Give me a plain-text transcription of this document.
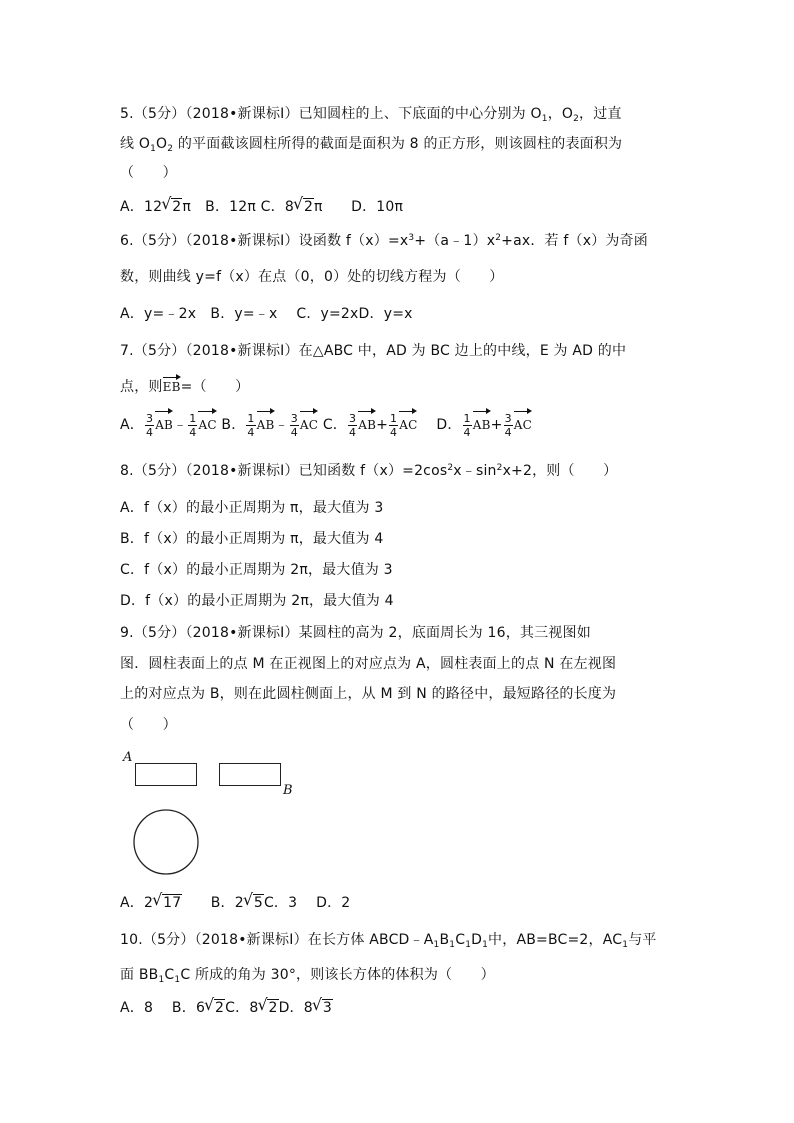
5.（5分）（2018•新课标Ⅰ）已知圆柱的上、下底面的中心分别为 $O_1$，$O_2$，过直
线 $O_1O_2$ 的平面截该圆柱所得的截面是面积为 8 的正方形，则该圆柱的表面积为
（　　）
A．12 √ 2π　 B．12π C．8 √ 2π　　 D．10π
6.（5分）（2018•新课标Ⅰ）设函数 $f(x)=x^3+(a﹣1)x^2+ax$．若 f（x）为奇函
数，则曲线 y=f（x）在点（0，0）处的切线方程为（　　）
A．y=﹣2x　B．y=﹣x　 C．y=2xD．y=x
7.（5分）（2018•新课标Ⅰ）在△ABC 中，AD 为 BC 边上的中线，E 为 AD 的中
点，则EB=（　　）
A． $\frac{3}{4}$ AB﹣ $\frac{1}{4}$ AC B． $\frac{1}{4}$ AB﹣ $\frac{3}{4}$ AC C． $\frac{3}{4} AB+ \frac{1}{4}$ AC 　 D． $\frac{1}{4} AB+ \frac{3}{4}$ AC
8.（5分）（2018•新课标Ⅰ）已知函数 $f(x)=2\cos^2x﹣\sin^2x+2$，则（　　）
A．f（x）的最小正周期为 π，最大值为 3
B．f（x）的最小正周期为 π，最大值为 4
C．f（x）的最小正周期为 2π，最大值为 3
D．f（x）的最小正周期为 2π，最大值为 4
9.（5分）（2018•新课标Ⅰ）某圆柱的高为 2，底面周长为 16，其三视图如
图．圆柱表面上的点 M 在正视图上的对应点为 A，圆柱表面上的点 N 在左视图
上的对应点为 B，则在此圆柱侧面上，从 M 到 N 的路径中，最短路径的长度为
（　　）
A
B
A．2 √ 17　　 B．2 √ 5C．3　 D．2
10.（5分）（2018•新课标Ⅰ）在长方体 $ABCD﹣A_1B_1C_1D_1$中，AB=BC=2，$AC_1$与平
面 $BB_1C_1C$ 所成的角为 30°，则该长方体的体积为（　　）
A．8　 B．6 √ 2C．8 √ 2D．8 √ 3
